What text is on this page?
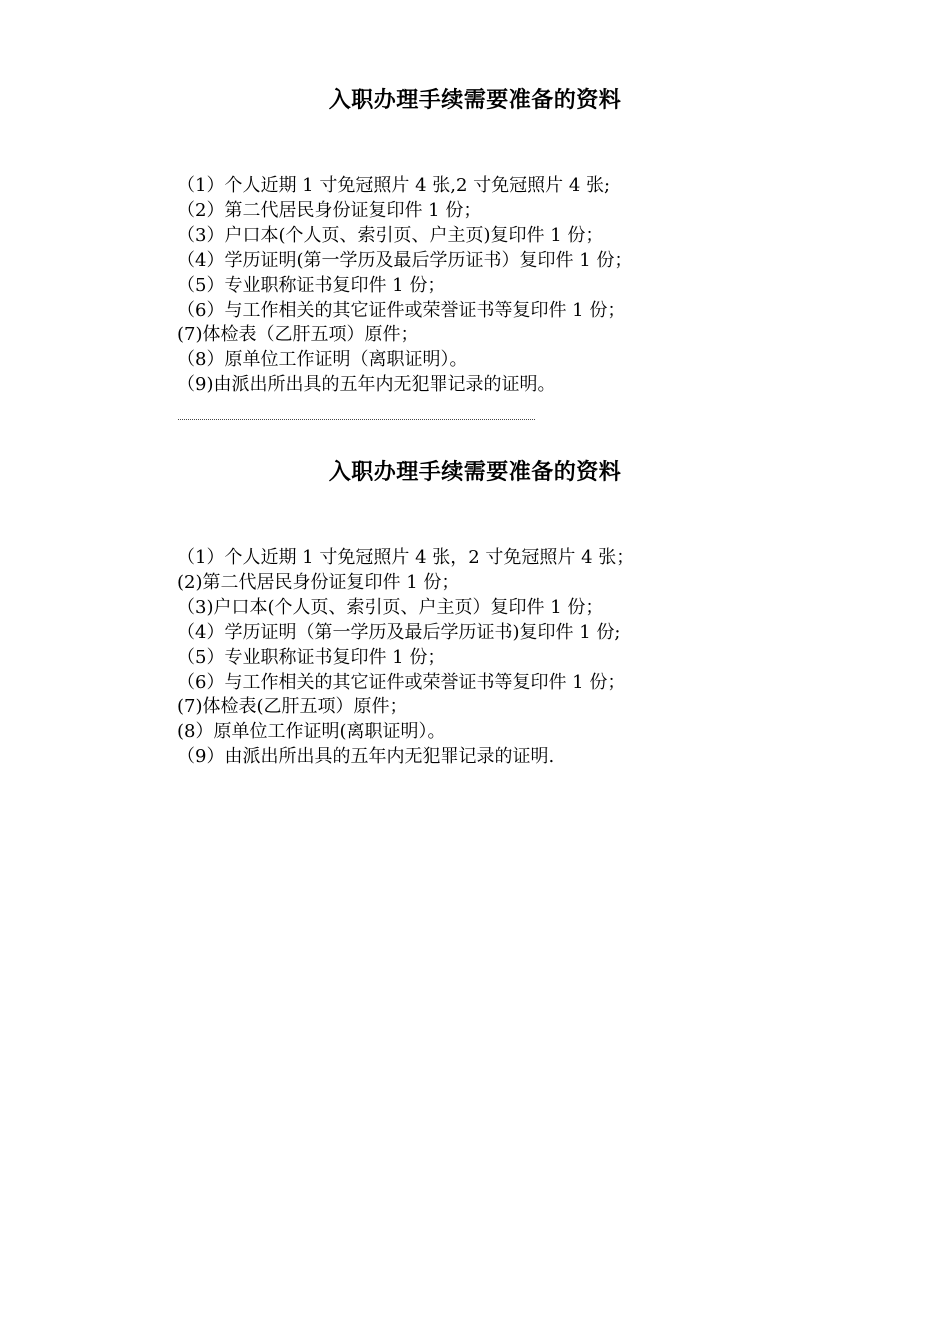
入职办理手续需要准备的资料
（1）个人近期 1 寸免冠照片 4 张,2 寸免冠照片 4 张;
（2）第二代居民身份证复印件 1 份；
（3）户口本(个人页、索引页、户主页)复印件 1 份；
（4）学历证明(第一学历及最后学历证书）复印件 1 份；
（5）专业职称证书复印件 1 份；
（6）与工作相关的其它证件或荣誉证书等复印件 1 份；
(7)体检表（乙肝五项）原件；
（8）原单位工作证明（离职证明）。
（9)由派出所出具的五年内无犯罪记录的证明。
入职办理手续需要准备的资料
（1）个人近期 1 寸免冠照片 4 张，2 寸免冠照片 4 张；
(2)第二代居民身份证复印件 1 份；
（3)户口本(个人页、索引页、户主页）复印件 1 份；
（4）学历证明（第一学历及最后学历证书)复印件 1 份;
（5）专业职称证书复印件 1 份；
（6）与工作相关的其它证件或荣誉证书等复印件 1 份；
(7)体检表(乙肝五项）原件；
(8）原单位工作证明(离职证明）。
（9）由派出所出具的五年内无犯罪记录的证明.
